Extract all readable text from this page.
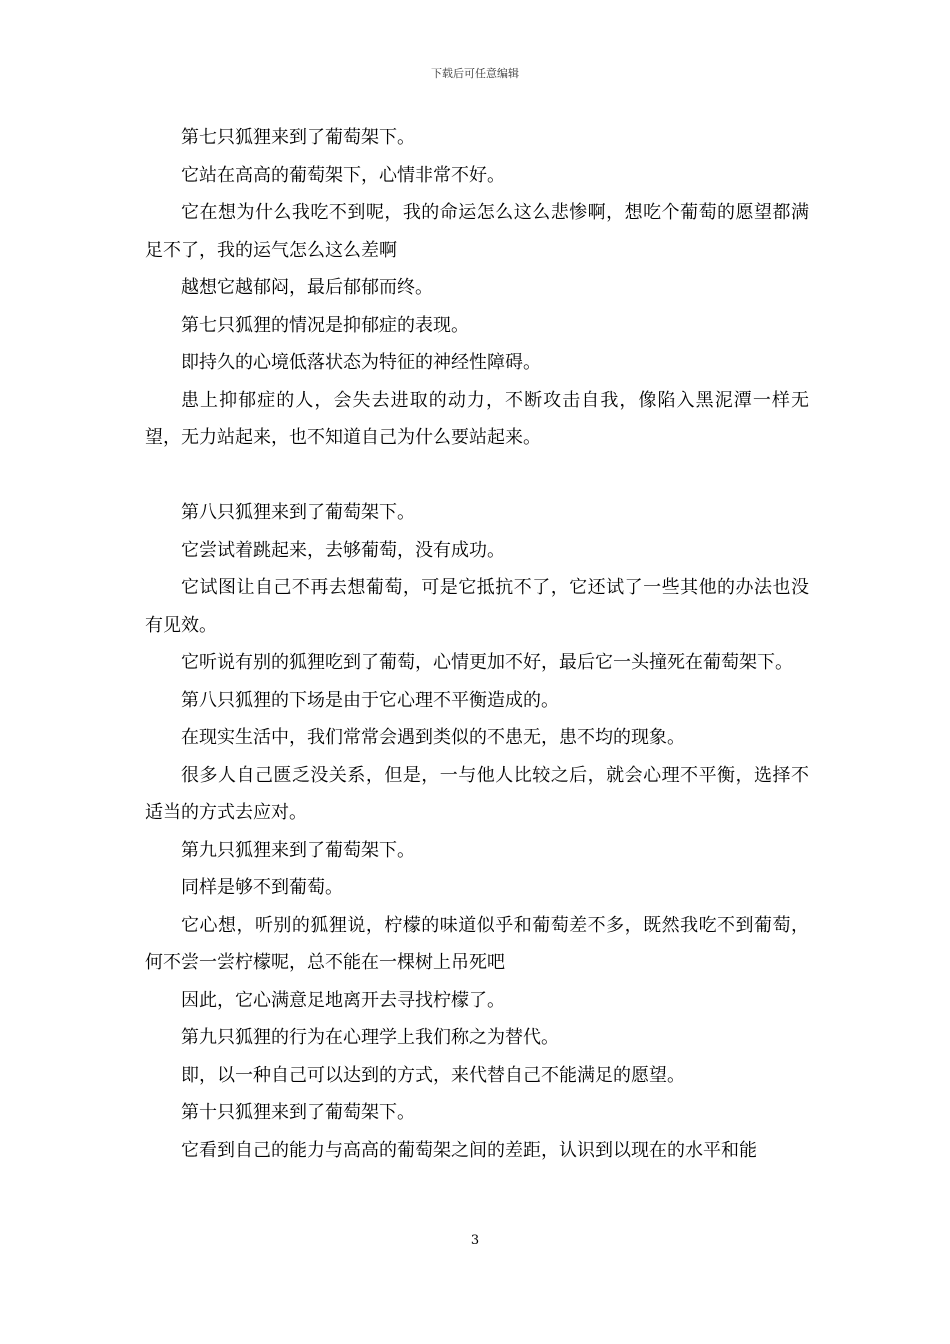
下载后可任意编辑

第七只狐狸来到了葡萄架下。

它站在高高的葡萄架下，心情非常不好。

它在想为什么我吃不到呢，我的命运怎么这么悲惨啊，想吃个葡萄的愿望都满足不了，我的运气怎么这么差啊

越想它越郁闷，最后郁郁而终。

第七只狐狸的情况是抑郁症的表现。

即持久的心境低落状态为特征的神经性障碍。

患上抑郁症的人，会失去进取的动力，不断攻击自我，像陷入黑泥潭一样无望，无力站起来，也不知道自己为什么要站起来。

第八只狐狸来到了葡萄架下。

它尝试着跳起来，去够葡萄，没有成功。

它试图让自己不再去想葡萄，可是它抵抗不了，它还试了一些其他的办法也没有见效。

它听说有别的狐狸吃到了葡萄，心情更加不好，最后它一头撞死在葡萄架下。

第八只狐狸的下场是由于它心理不平衡造成的。

在现实生活中，我们常常会遇到类似的不患无，患不均的现象。

很多人自己匮乏没关系，但是，一与他人比较之后，就会心理不平衡，选择不适当的方式去应对。

第九只狐狸来到了葡萄架下。

同样是够不到葡萄。

它心想，听别的狐狸说，柠檬的味道似乎和葡萄差不多，既然我吃不到葡萄，何不尝一尝柠檬呢，总不能在一棵树上吊死吧

因此，它心满意足地离开去寻找柠檬了。

第九只狐狸的行为在心理学上我们称之为替代。

即，以一种自己可以达到的方式，来代替自己不能满足的愿望。

第十只狐狸来到了葡萄架下。

它看到自己的能力与高高的葡萄架之间的差距，认识到以现在的水平和能

3
